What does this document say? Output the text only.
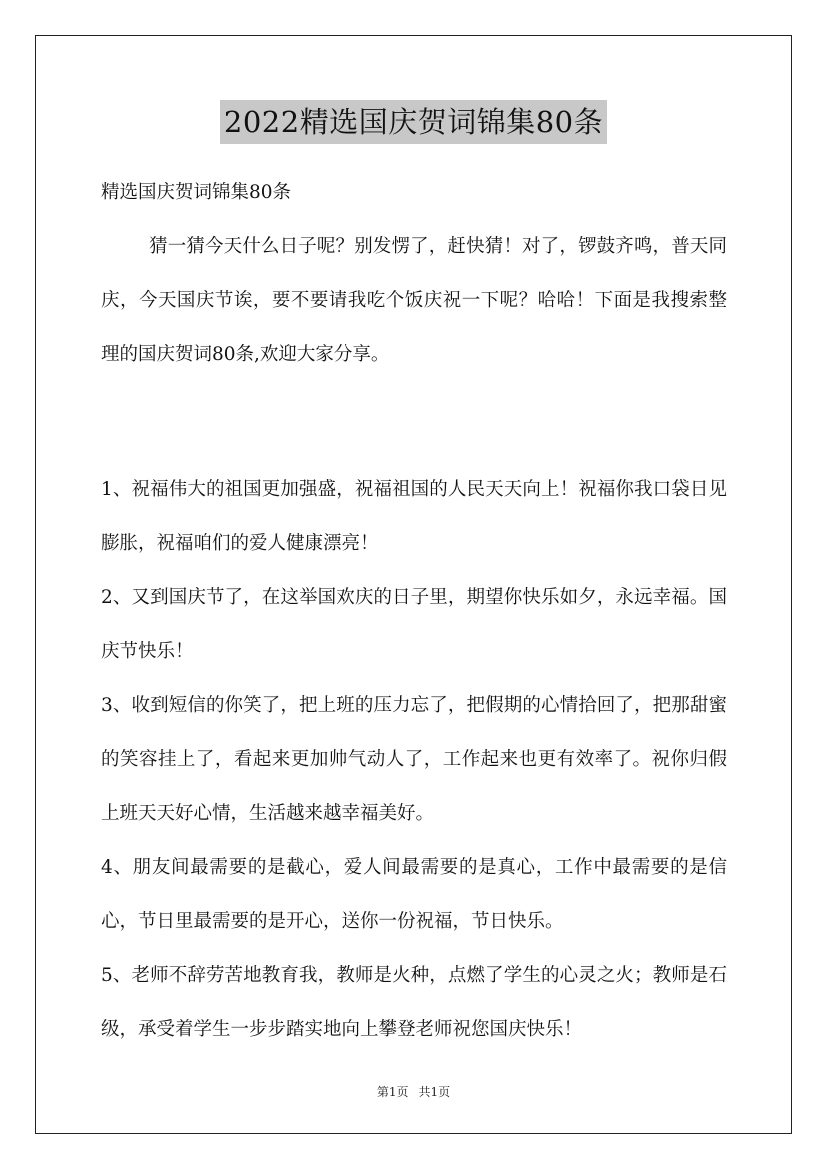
2022精选国庆贺词锦集80条

精选国庆贺词锦集80条

猜一猜今天什么日子呢？别发愣了，赶快猜！对了，锣鼓齐鸣，普天同庆，今天国庆节诶，要不要请我吃个饭庆祝一下呢？哈哈！下面是我搜索整理的国庆贺词80条,欢迎大家分享。

1、祝福伟大的祖国更加强盛，祝福祖国的人民天天向上！祝福你我口袋日见膨胀，祝福咱们的爱人健康漂亮！

2、又到国庆节了，在这举国欢庆的日子里，期望你快乐如夕，永远幸福。国庆节快乐！

3、收到短信的你笑了，把上班的压力忘了，把假期的心情拾回了，把那甜蜜的笑容挂上了，看起来更加帅气动人了，工作起来也更有效率了。祝你归假上班天天好心情，生活越来越幸福美好。

4、朋友间最需要的是截心，爱人间最需要的是真心，工作中最需要的是信心，节日里最需要的是开心，送你一份祝福，节日快乐。

5、老师不辞劳苦地教育我，教师是火种，点燃了学生的心灵之火；教师是石级，承受着学生一步步踏实地向上攀登老师祝您国庆快乐！

第1页 共1页
